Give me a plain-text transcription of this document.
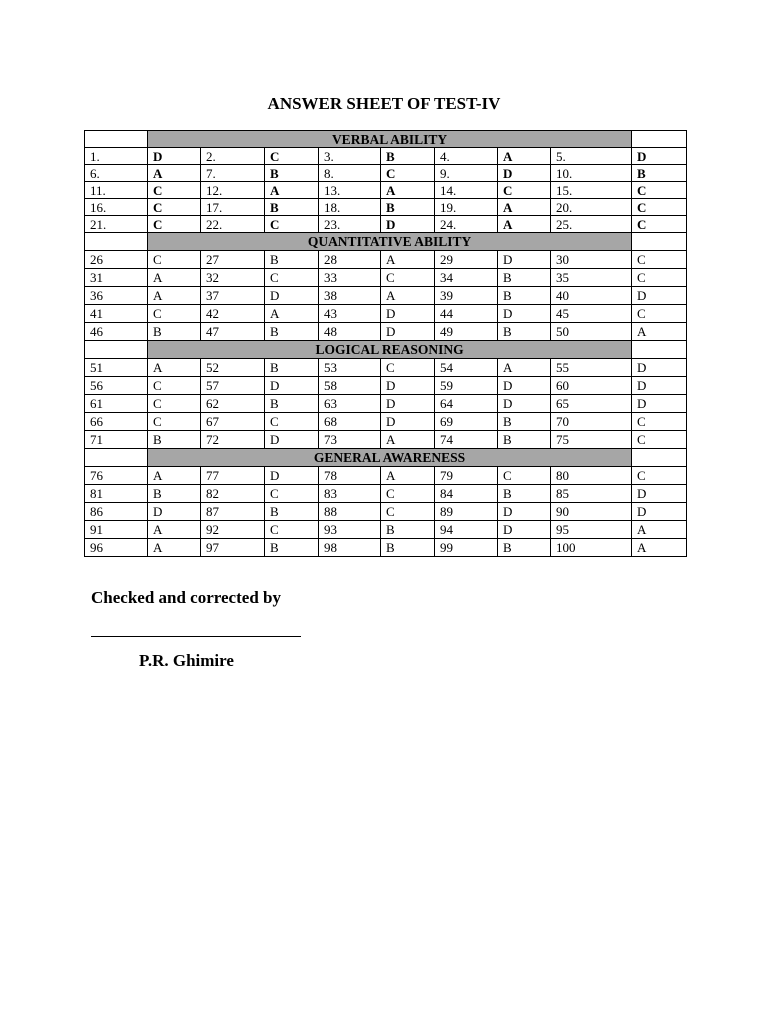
ANSWER SHEET OF TEST-IV
	VERBAL ABILITY								
1.	D	2.	C	3.	B	4.	A	5.	D
6.	A	7.	B	8.	C	9.	D	10.	B
11.	C	12.	A	13.	A	14.	C	15.	C
16.	C	17.	B	18.	B	19.	A	20.	C
21.	C	22.	C	23.	D	24.	A	25.	C
	QUANTITATIVE ABILITY								
26	C	27	B	28	A	29	D	30	C
31	A	32	C	33	C	34	B	35	C
36	A	37	D	38	A	39	B	40	D
41	C	42	A	43	D	44	D	45	C
46	B	47	B	48	D	49	B	50	A
	LOGICAL REASONING								
51	A	52	B	53	C	54	A	55	D
56	C	57	D	58	D	59	D	60	D
61	C	62	B	63	D	64	D	65	D
66	C	67	C	68	D	69	B	70	C
71	B	72	D	73	A	74	B	75	C
	GENERAL AWARENESS								
76	A	77	D	78	A	79	C	80	C
81	B	82	C	83	C	84	B	85	D
86	D	87	B	88	C	89	D	90	D
91	A	92	C	93	B	94	D	95	A
96	A	97	B	98	B	99	B	100	A
Checked and corrected by
P.R. Ghimire
